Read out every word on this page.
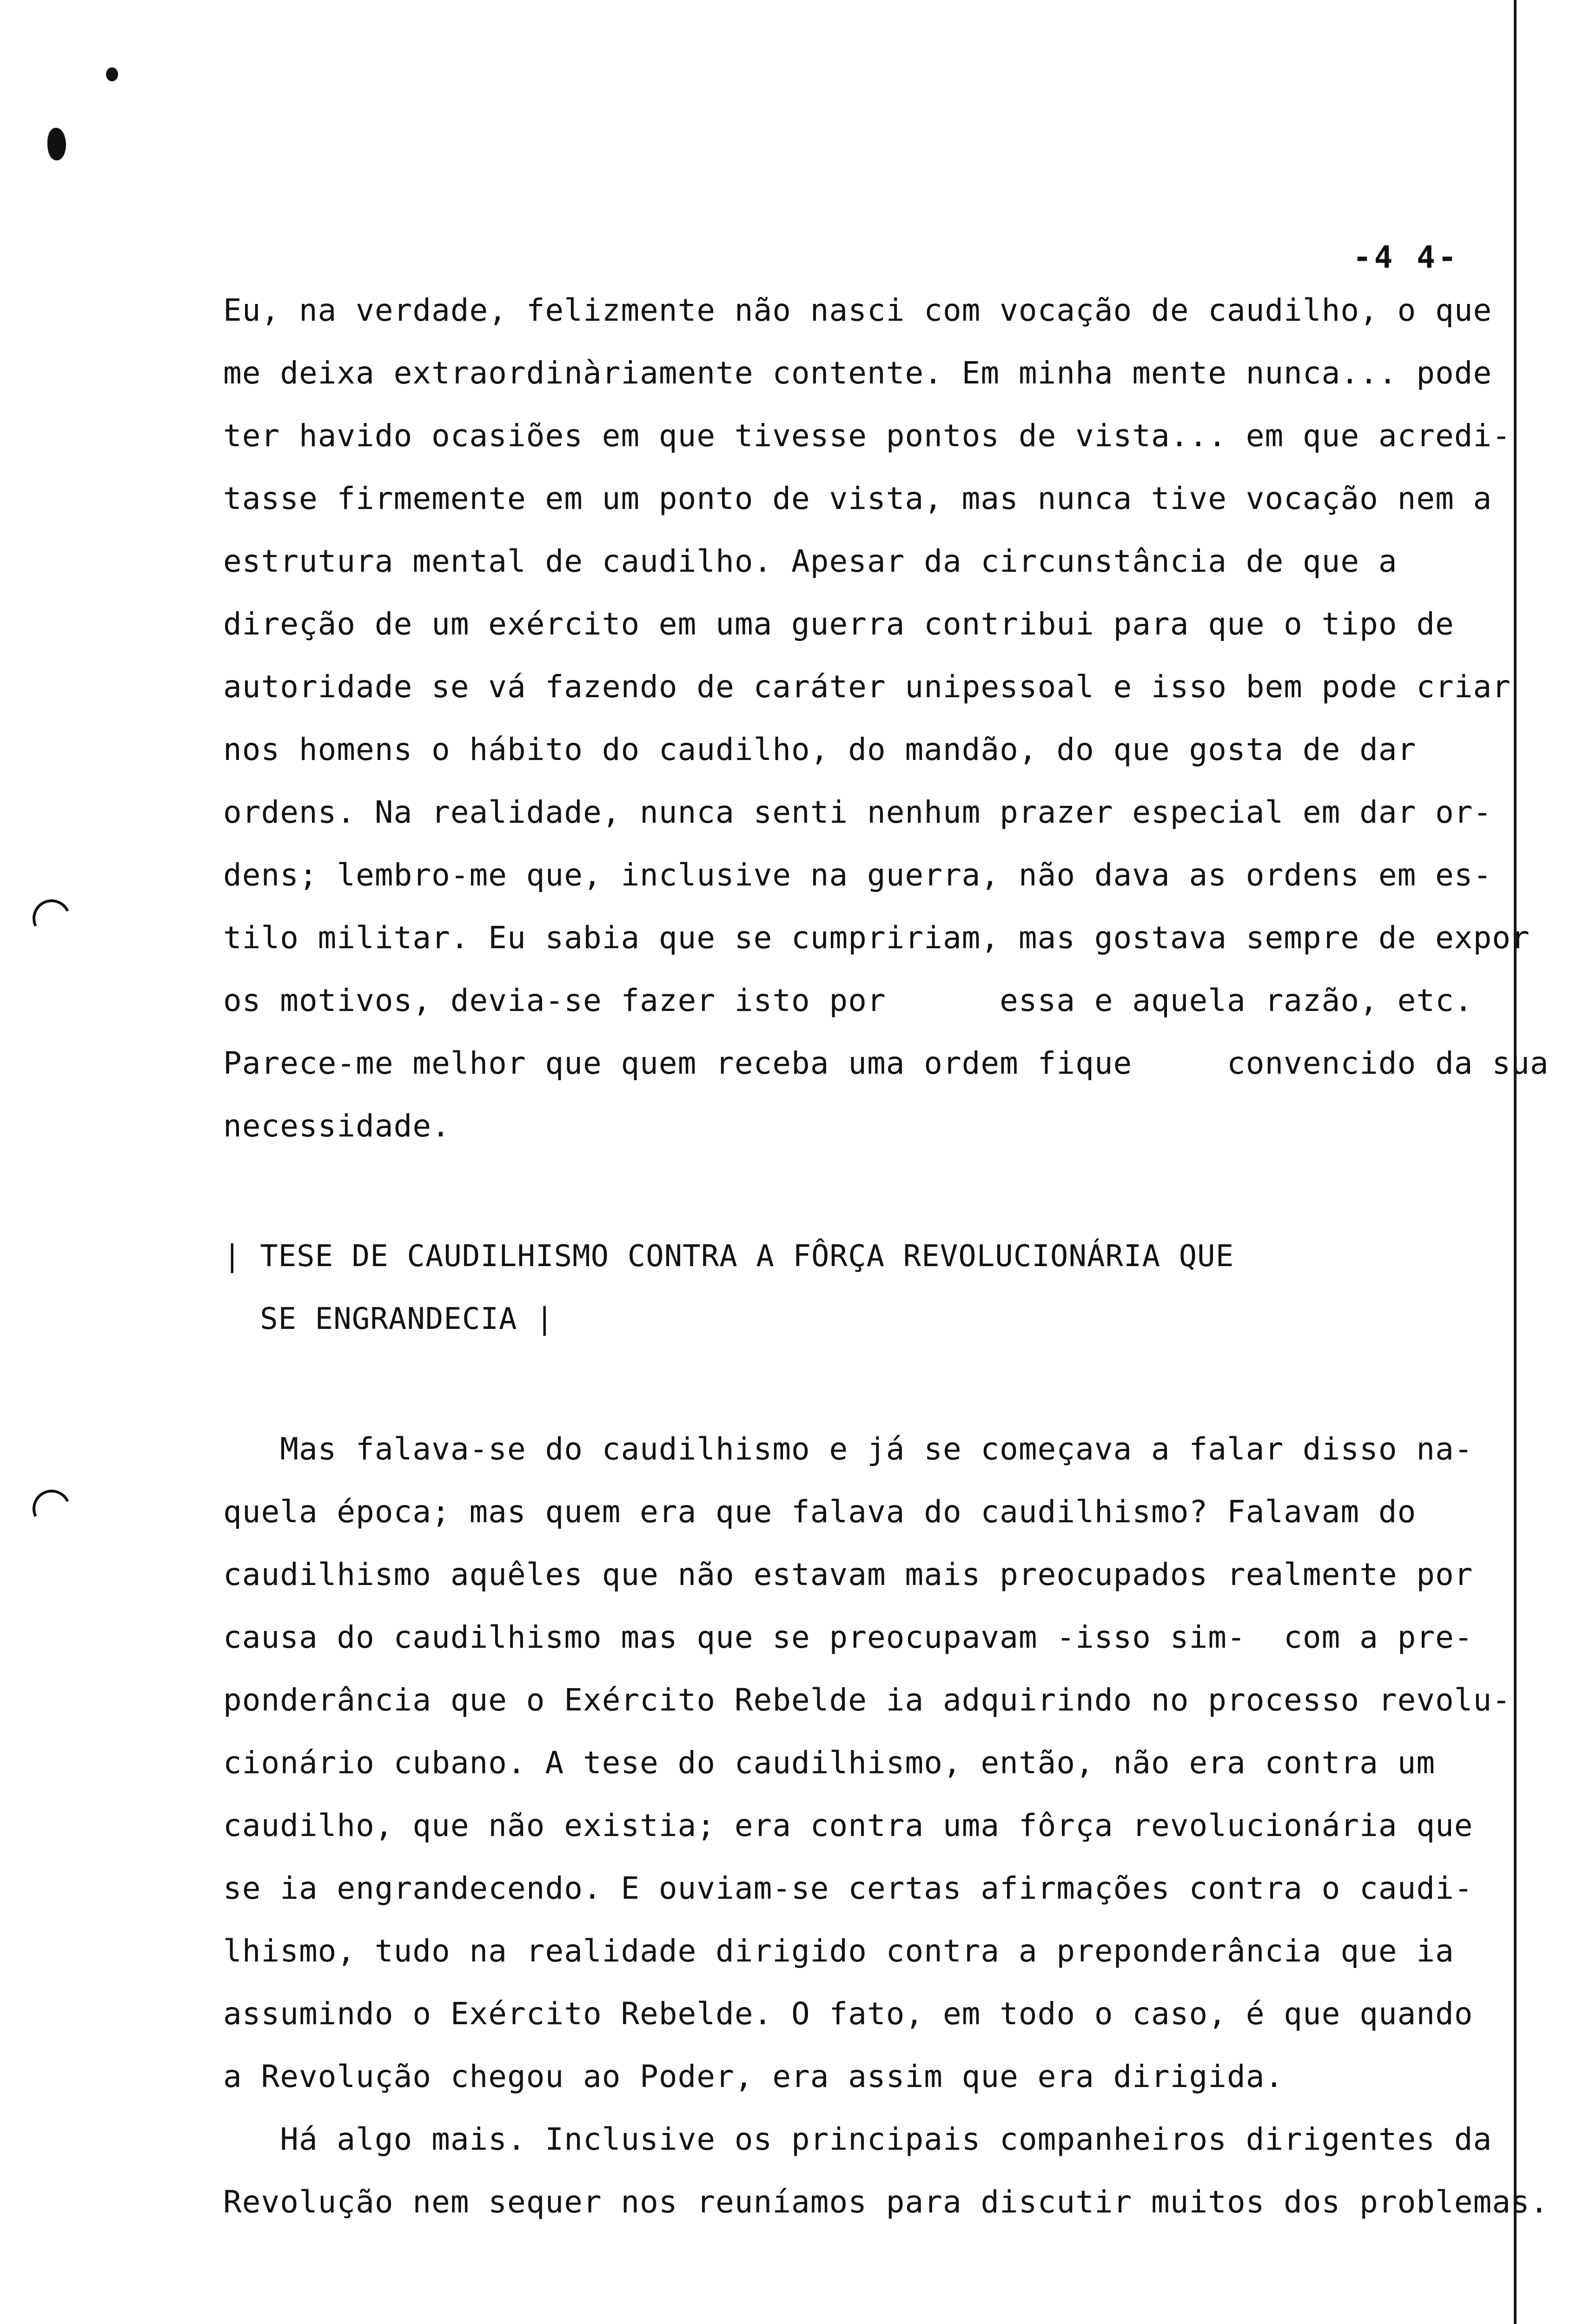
-4 4-
Eu, na verdade, felizmente não nasci com vocação de caudilho, o que
me deixa extraordinàriamente contente. Em minha mente nunca... pode
ter havido ocasiões em que tivesse pontos de vista... em que acredi-
tasse firmemente em um ponto de vista, mas nunca tive vocação nem a
estrutura mental de caudilho. Apesar da circunstância de que a
direção de um exército em uma guerra contribui para que o tipo de
autoridade se vá fazendo de caráter unipessoal e isso bem pode criar
nos homens o hábito do caudilho, do mandão, do que gosta de dar
ordens. Na realidade, nunca senti nenhum prazer especial em dar or-
dens; lembro-me que, inclusive na guerra, não dava as ordens em es-
tilo militar. Eu sabia que se cumpririam, mas gostava sempre de expor
os motivos, devia-se fazer isto por      essa e aquela razão, etc.
Parece-me melhor que quem receba uma ordem fique     convencido da sua
necessidade.
| TESE DE CAUDILHISMO CONTRA A FÔRÇA REVOLUCIONÁRIA QUE
SE ENGRANDECIA |
Mas falava-se do caudilhismo e já se começava a falar disso na-
quela época; mas quem era que falava do caudilhismo? Falavam do
caudilhismo aquêles que não estavam mais preocupados realmente por
causa do caudilhismo mas que se preocupavam -isso sim-  com a pre-
ponderância que o Exército Rebelde ia adquirindo no processo revolu-
cionário cubano. A tese do caudilhismo, então, não era contra um
caudilho, que não existia; era contra uma fôrça revolucionária que
se ia engrandecendo. E ouviam-se certas afirmações contra o caudi-
lhismo, tudo na realidade dirigido contra a preponderância que ia
assumindo o Exército Rebelde. O fato, em todo o caso, é que quando
a Revolução chegou ao Poder, era assim que era dirigida.
Há algo mais. Inclusive os principais companheiros dirigentes da
Revolução nem sequer nos reuníamos para discutir muitos dos problemas.
